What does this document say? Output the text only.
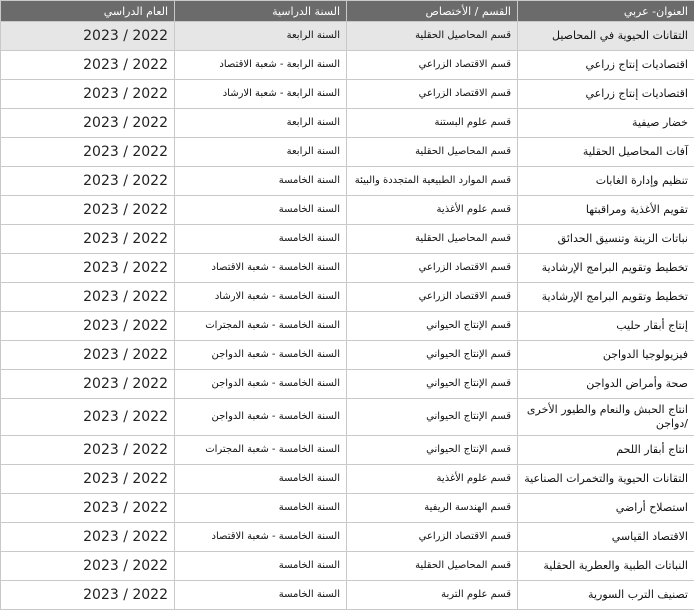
العام الدراسي	السنة الدراسية	القسم / الأختصاص	العنوان- عربي
2023 / 2022	السنة الرابعة	قسم المحاصيل الحقلية	التقانات الحيوية في المحاصيل
2023 / 2022	السنة الرابعة - شعبة الاقتصاد	قسم الاقتصاد الزراعي	اقتصاديات إنتاج زراعي
2023 / 2022	السنة الرابعة - شعبة الارشاد	قسم الاقتصاد الزراعي	اقتصاديات إنتاج زراعي
2023 / 2022	السنة الرابعة	قسم علوم البستنة	خضار صيفية
2023 / 2022	السنة الرابعة	قسم المحاصيل الحقلية	آفات المحاصيل الحقلية
2023 / 2022	السنة الخامسة	قسم الموارد الطبيعية المتجددة والبيئة	تنظيم وإدارة الغابات
2023 / 2022	السنة الخامسة	قسم علوم الأغذية	تقويم الأغذية ومراقبتها
2023 / 2022	السنة الخامسة	قسم المحاصيل الحقلية	نباتات الزينة وتنسيق الحدائق
2023 / 2022	السنة الخامسة - شعبة الاقتصاد	قسم الاقتصاد الزراعي	تخطيط وتقويم البرامج الإرشادية
2023 / 2022	السنة الخامسة - شعبة الارشاد	قسم الاقتصاد الزراعي	تخطيط وتقويم البرامج الإرشادية
2023 / 2022	السنة الخامسة - شعبة المجترات	قسم الإنتاج الحيواني	إنتاج أبقار حليب
2023 / 2022	السنة الخامسة - شعبة الدواجن	قسم الإنتاج الحيواني	فيزيولوجيا الدواجن
2023 / 2022	السنة الخامسة - شعبة الدواجن	قسم الإنتاج الحيواني	صحة وأمراض الدواجن
2023 / 2022	السنة الخامسة - شعبة الدواجن	قسم الإنتاج الحيواني	انتاج الحبش والنعام والطيور الأخرى /دواجن
2023 / 2022	السنة الخامسة - شعبة المجترات	قسم الإنتاج الحيواني	انتاج أبقار اللحم
2023 / 2022	السنة الخامسة	قسم علوم الأغذية	التقانات الحيوية والتخمرات الصناعية
2023 / 2022	السنة الخامسة	قسم الهندسة الريفية	استصلاح أراضي
2023 / 2022	السنة الخامسة - شعبة الاقتصاد	قسم الاقتصاد الزراعي	الاقتصاد القياسي
2023 / 2022	السنة الخامسة	قسم المحاصيل الحقلية	النباتات الطبية والعطرية الحقلية
2023 / 2022	السنة الخامسة	قسم علوم التربة	تصنيف الترب السورية
